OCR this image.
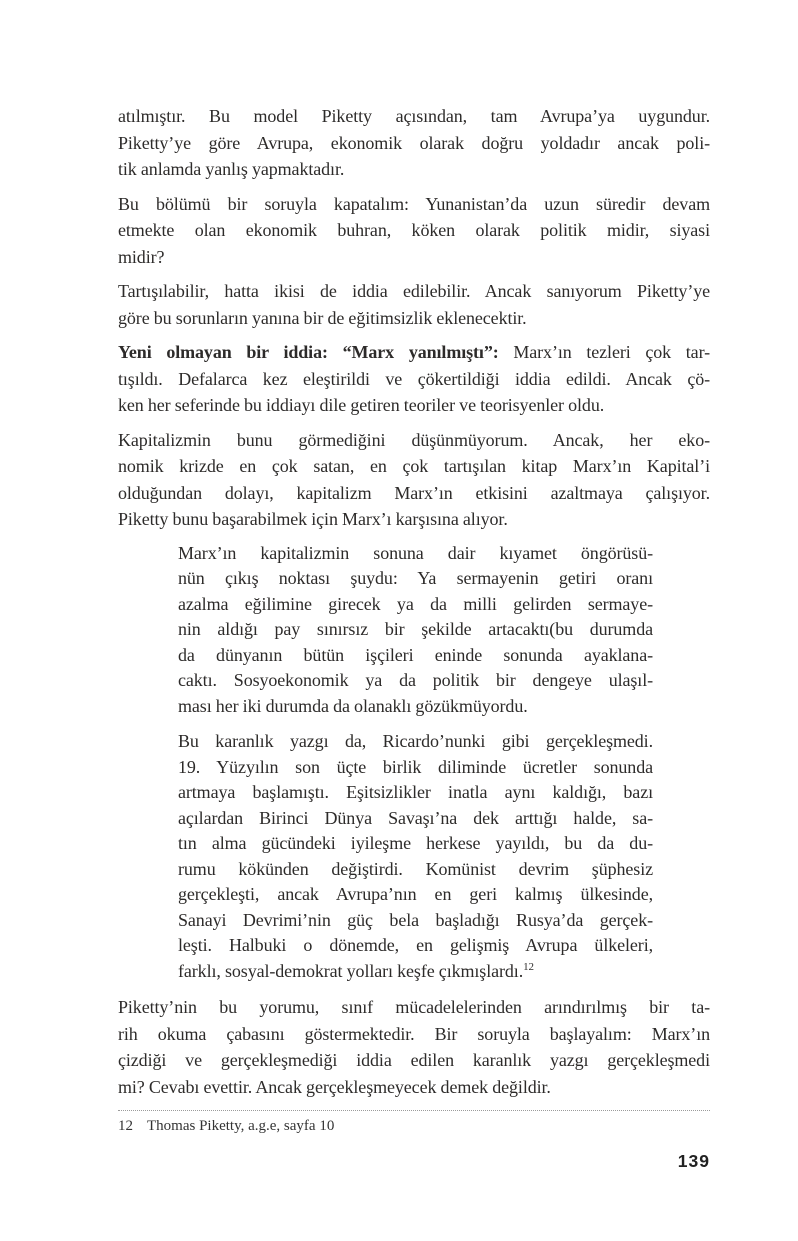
atılmıştır. Bu model Piketty açısından, tam Avrupa’ya uygundur.
Piketty’ye göre Avrupa, ekonomik olarak doğru yoldadır ancak poli-
tik anlamda yanlış yapmaktadır.
Bu bölümü bir soruyla kapatalım: Yunanistan’da uzun süredir devam
etmekte olan ekonomik buhran, köken olarak politik midir, siyasi
midir?
Tartışılabilir, hatta ikisi de iddia edilebilir. Ancak sanıyorum Piketty’ye
göre bu sorunların yanına bir de eğitimsizlik eklenecektir.
Yeni olmayan bir iddia: “Marx yanılmıştı”: Marx’ın tezleri çok tar-
tışıldı. Defalarca kez eleştirildi ve çökertildiği iddia edildi. Ancak çö-
ken her seferinde bu iddiayı dile getiren teoriler ve teorisyenler oldu.
Kapitalizmin bunu görmediğini düşünmüyorum. Ancak, her eko-
nomik krizde en çok satan, en çok tartışılan kitap Marx’ın Kapital’i
olduğundan dolayı, kapitalizm Marx’ın etkisini azaltmaya çalışıyor.
Piketty bunu başarabilmek için Marx’ı karşısına alıyor.
Marx’ın kapitalizmin sonuna dair kıyamet öngörüsü-
nün çıkış noktası şuydu: Ya sermayenin getiri oranı
azalma eğilimine girecek ya da milli gelirden sermaye-
nin aldığı pay sınırsız bir şekilde artacaktı(bu durumda
da dünyanın bütün işçileri eninde sonunda ayaklana-
caktı. Sosyoekonomik ya da politik bir dengeye ulaşıl-
ması her iki durumda da olanaklı gözükmüyordu.
Bu karanlık yazgı da, Ricardo’nunki gibi gerçekleşmedi.
19. Yüzyılın son üçte birlik diliminde ücretler sonunda
artmaya başlamıştı. Eşitsizlikler inatla aynı kaldığı, bazı
açılardan Birinci Dünya Savaşı’na dek arttığı halde, sa-
tın alma gücündeki iyileşme herkese yayıldı, bu da du-
rumu kökünden değiştirdi. Komünist devrim şüphesiz
gerçekleşti, ancak Avrupa’nın en geri kalmış ülkesinde,
Sanayi Devrimi’nin güç bela başladığı Rusya’da gerçek-
leşti. Halbuki o dönemde, en gelişmiş Avrupa ülkeleri,
farklı, sosyal-demokrat yolları keşfe çıkmışlardı.$^{12}$
Piketty’nin bu yorumu, sınıf mücadelelerinden arındırılmış bir ta-
rih okuma çabasını göstermektedir. Bir soruyla başlayalım: Marx’ın
çizdiği ve gerçekleşmediği iddia edilen karanlık yazgı gerçekleşmedi
mi? Cevabı evettir. Ancak gerçekleşmeyecek demek değildir.
12 Thomas Piketty, a.g.e, sayfa 10
139
